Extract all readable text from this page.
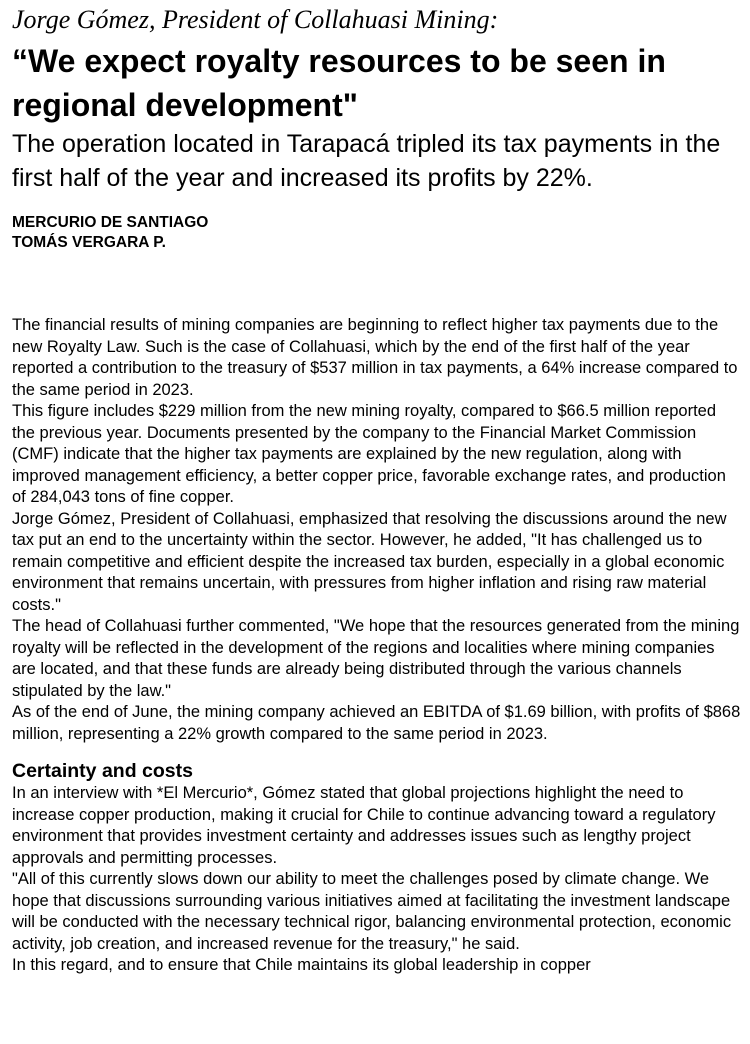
Jorge Gómez, President of Collahuasi Mining:
“We expect royalty resources to be seen in regional development"
The operation located in Tarapacá tripled its tax payments in the first half of the year and increased its profits by 22%.
MERCURIO DE SANTIAGO
TOMÁS VERGARA P.

The financial results of mining companies are beginning to reflect higher tax payments due to the new Royalty Law. Such is the case of Collahuasi, which by the end of the first half of the year reported a contribution to the treasury of $537 million in tax payments, a 64% increase compared to the same period in 2023.

This figure includes $229 million from the new mining royalty, compared to $66.5 million reported the previous year. Documents presented by the company to the Financial Market Commission (CMF) indicate that the higher tax payments are explained by the new regulation, along with improved management efficiency, a better copper price, favorable exchange rates, and production of 284,043 tons of fine copper.

Jorge Gómez, President of Collahuasi, emphasized that resolving the discussions around the new tax put an end to the uncertainty within the sector. However, he added, "It has challenged us to remain competitive and efficient despite the increased tax burden, especially in a global economic environment that remains uncertain, with pressures from higher inflation and rising raw material costs."

The head of Collahuasi further commented, "We hope that the resources generated from the mining royalty will be reflected in the development of the regions and localities where mining companies are located, and that these funds are already being distributed through the various channels stipulated by the law."

As of the end of June, the mining company achieved an EBITDA of $1.69 billion, with profits of $868 million, representing a 22% growth compared to the same period in 2023.

Certainty and costs

In an interview with *El Mercurio*, Gómez stated that global projections highlight the need to increase copper production, making it crucial for Chile to continue advancing toward a regulatory environment that provides investment certainty and addresses issues such as lengthy project approvals and permitting processes.

"All of this currently slows down our ability to meet the challenges posed by climate change. We hope that discussions surrounding various initiatives aimed at facilitating the investment landscape will be conducted with the necessary technical rigor, balancing environmental protection, economic activity, job creation, and increased revenue for the treasury," he said.

In this regard, and to ensure that Chile maintains its global leadership in copper
